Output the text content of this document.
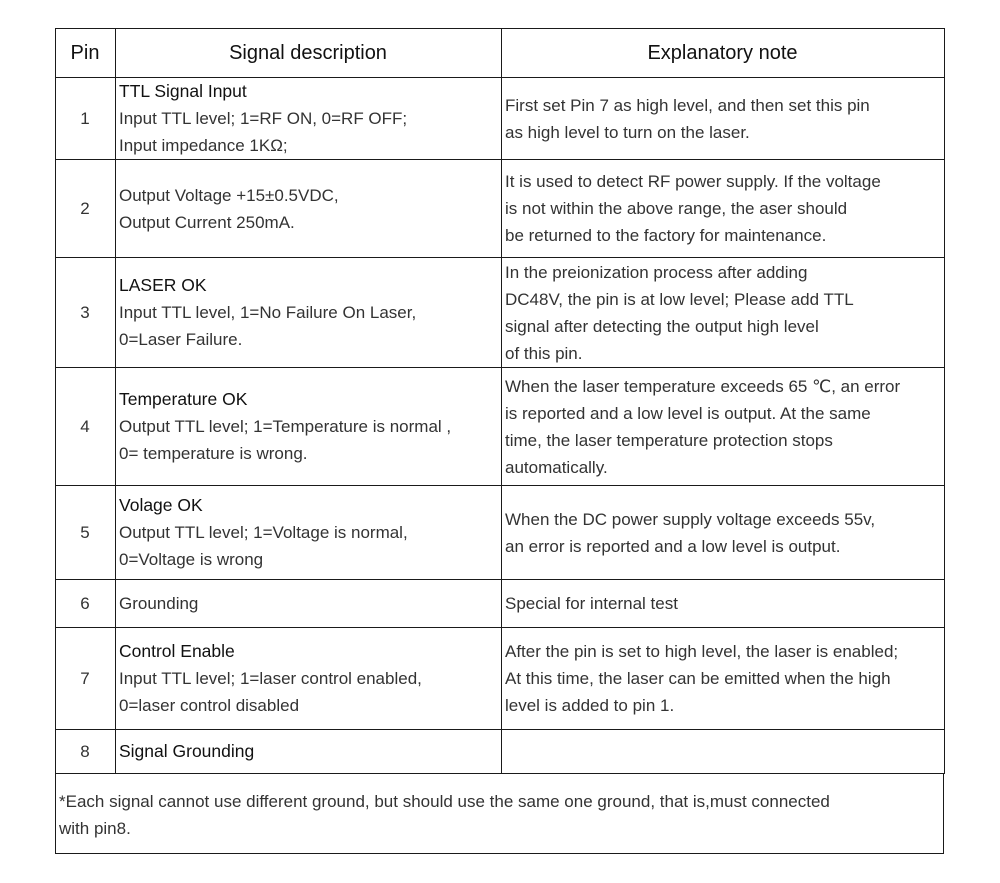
Pin	Signal description	Explanatory note
1	TTL Signal Input
Input TTL level; 1=RF ON, 0=RF OFF;
Input impedance 1KΩ;	First set Pin 7 as high level, and then set this pin
as high level to turn on the laser.

2	Output Voltage +15±0.5VDC,
Output Current 250mA.	It is used to detect RF power supply. If the voltage
is not within the above range, the aser should
be returned to the factory for maintenance.

3	LASER OK
Input TTL level, 1=No Failure On Laser,
0=Laser Failure.	In the preionization process after adding
DC48V, the pin is at low level; Please add TTL
signal after detecting the output high level
of this pin.

4	Temperature OK
Output TTL level; 1=Temperature is normal ,
0= temperature is wrong.	When the laser temperature exceeds 65 ℃, an error
is reported and a low level is output. At the same
time, the laser temperature protection stops
automatically.

5	Volage OK
Output TTL level; 1=Voltage is normal,
0=Voltage is wrong	When the DC power supply voltage exceeds 55v,
an error is reported and a low level is output.

6	Grounding	Special for internal test

7	Control Enable
Input TTL level; 1=laser control enabled,
0=laser control disabled	After the pin is set to high level, the laser is enabled;
At this time, the laser can be emitted when the high
level is added to pin 1.

8	Signal Grounding	

*Each signal cannot use different ground, but should use the same one ground, that is,must connected
with pin8.
